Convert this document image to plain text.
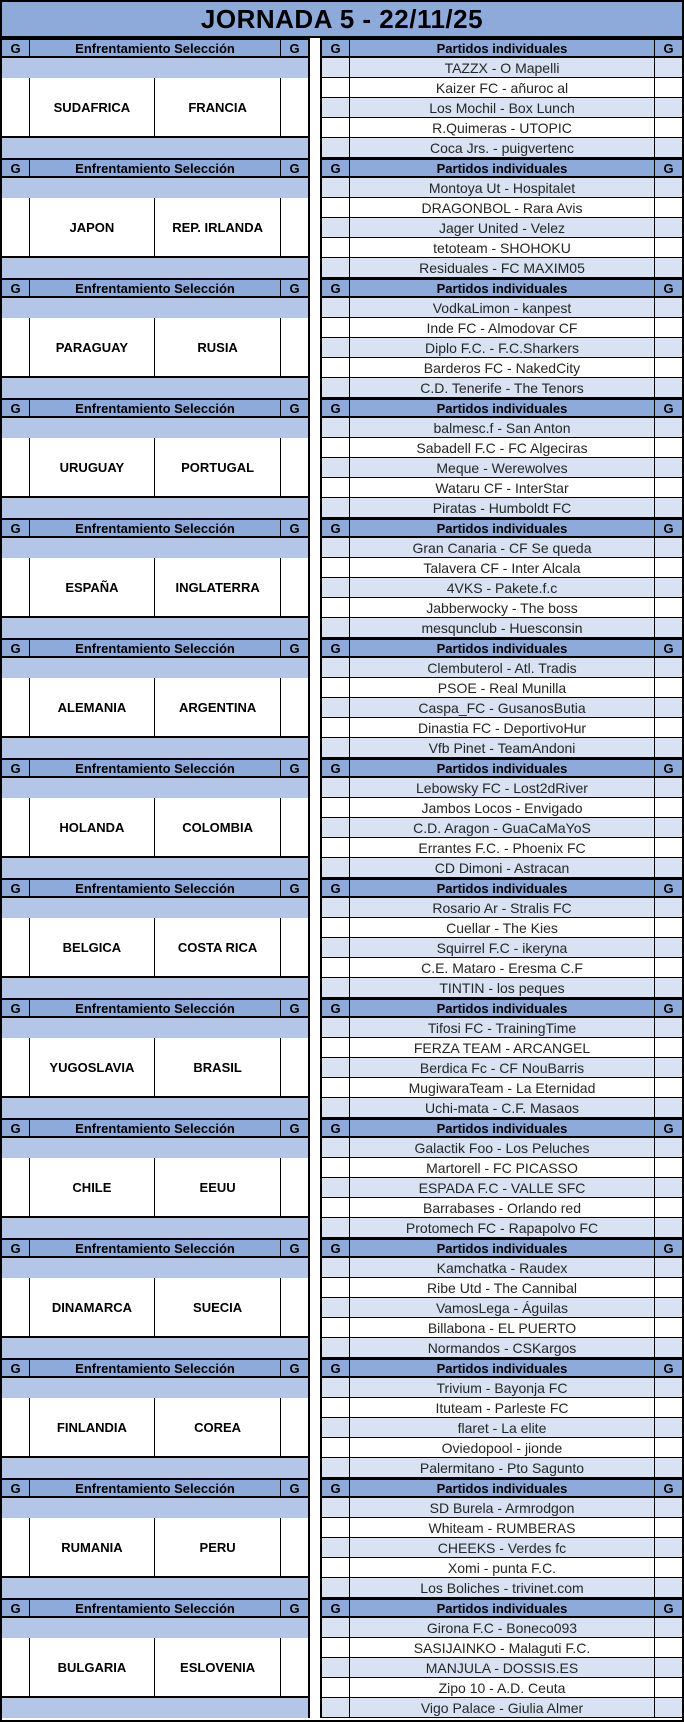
JORNADA 5 - 22/11/25
G	Enfrentamiento Selección	G
SUDAFRICA	FRANCIA
G	Partidos individuales	G
TAZZX - O Mapelli
Kaizer FC - añuroc al
Los Mochil - Box Lunch
R.Quimeras - UTOPIC
Coca Jrs. - puigvertenc
G	Enfrentamiento Selección	G
JAPON	REP. IRLANDA
G	Partidos individuales	G
Montoya Ut - Hospitalet
DRAGONBOL - Rara Avis
Jager United - Velez
tetoteam - SHOHOKU
Residuales - FC MAXIM05
G	Enfrentamiento Selección	G
PARAGUAY	RUSIA
G	Partidos individuales	G
VodkaLimon - kanpest
Inde FC - Almodovar CF
Diplo F.C. - F.C.Sharkers
Barderos FC - NakedCity
C.D. Tenerife - The Tenors
G	Enfrentamiento Selección	G
URUGUAY	PORTUGAL
G	Partidos individuales	G
balmesc.f - San Anton
Sabadell F.C - FC Algeciras
Meque - Werewolves
Wataru CF - InterStar
Piratas - Humboldt FC
G	Enfrentamiento Selección	G
ESPAÑA	INGLATERRA
G	Partidos individuales	G
Gran Canaria - CF Se queda
Talavera CF - Inter Alcala
4VKS - Pakete.f.c
Jabberwocky - The boss
mesqunclub - Huesconsin
G	Enfrentamiento Selección	G
ALEMANIA	ARGENTINA
G	Partidos individuales	G
Clembuterol - Atl. Tradis
PSOE - Real Munilla
Caspa_FC - GusanosButia
Dinastia FC - DeportivoHur
Vfb Pinet - TeamAndoni
G	Enfrentamiento Selección	G
HOLANDA	COLOMBIA
G	Partidos individuales	G
Lebowsky FC - Lost2dRiver
Jambos Locos - Envigado
C.D. Aragon - GuaCaMaYoS
Errantes F.C. - Phoenix FC
CD Dimoni - Astracan
G	Enfrentamiento Selección	G
BELGICA	COSTA RICA
G	Partidos individuales	G
Rosario Ar - Stralis FC
Cuellar - The Kies
Squirrel F.C - ikeryna
C.E. Mataro - Eresma C.F
TINTIN - los peques
G	Enfrentamiento Selección	G
YUGOSLAVIA	BRASIL
G	Partidos individuales	G
Tifosi FC - TrainingTime
FERZA TEAM - ARCANGEL
Berdica Fc - CF NouBarris
MugiwaraTeam - La Eternidad
Uchi-mata - C.F. Masaos
G	Enfrentamiento Selección	G
CHILE	EEUU
G	Partidos individuales	G
Galactik Foo - Los Peluches
Martorell - FC PICASSO
ESPADA F.C - VALLE SFC
Barrabases - Orlando red
Protomech FC - Rapapolvo FC
G	Enfrentamiento Selección	G
DINAMARCA	SUECIA
G	Partidos individuales	G
Kamchatka - Raudex
Ribe Utd - The Cannibal
VamosLega - Águilas
Billabona - EL PUERTO
Normandos - CSKargos
G	Enfrentamiento Selección	G
FINLANDIA	COREA
G	Partidos individuales	G
Trivium - Bayonja FC
Ituteam - Parleste FC
flaret - La elite
Oviedopool - jionde
Palermitano - Pto Sagunto
G	Enfrentamiento Selección	G
RUMANIA	PERU
G	Partidos individuales	G
SD Burela - Armrodgon
Whiteam - RUMBERAS
CHEEKS - Verdes fc
Xomi - punta F.C.
Los Boliches - trivinet.com
G	Enfrentamiento Selección	G
BULGARIA	ESLOVENIA
G	Partidos individuales	G
Girona F.C - Boneco093
SASIJAINKO - Malaguti F.C.
MANJULA - DOSSIS.ES
Zipo 10 - A.D. Ceuta
Vigo Palace - Giulia Almer
